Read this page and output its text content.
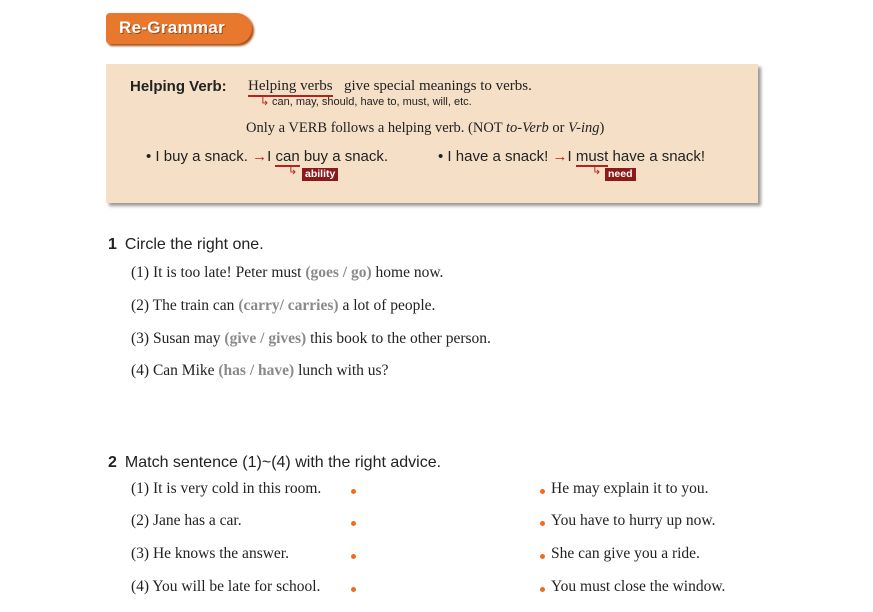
Re-Grammar
Helping Verb: Helping verbs give special meanings to verbs.
↳ can, may, should, have to, must, will, etc.
Only a VERB follows a helping verb. (NOT to-Verb or V-ing)
• I buy a snack. →I can buy a snack.
↳ ability
• I have a snack! →I must have a snack!
↳ need
1 Circle the right one.
(1) It is too late! Peter must (goes / go) home now.
(2) The train can (carry/ carries) a lot of people.
(3) Susan may (give / gives) this book to the other person.
(4) Can Mike (has / have) lunch with us?
2 Match sentence (1)~(4) with the right advice.
(1) It is very cold in this room.
(2) Jane has a car.
(3) He knows the answer.
(4) You will be late for school.
He may explain it to you.
You have to hurry up now.
She can give you a ride.
You must close the window.
